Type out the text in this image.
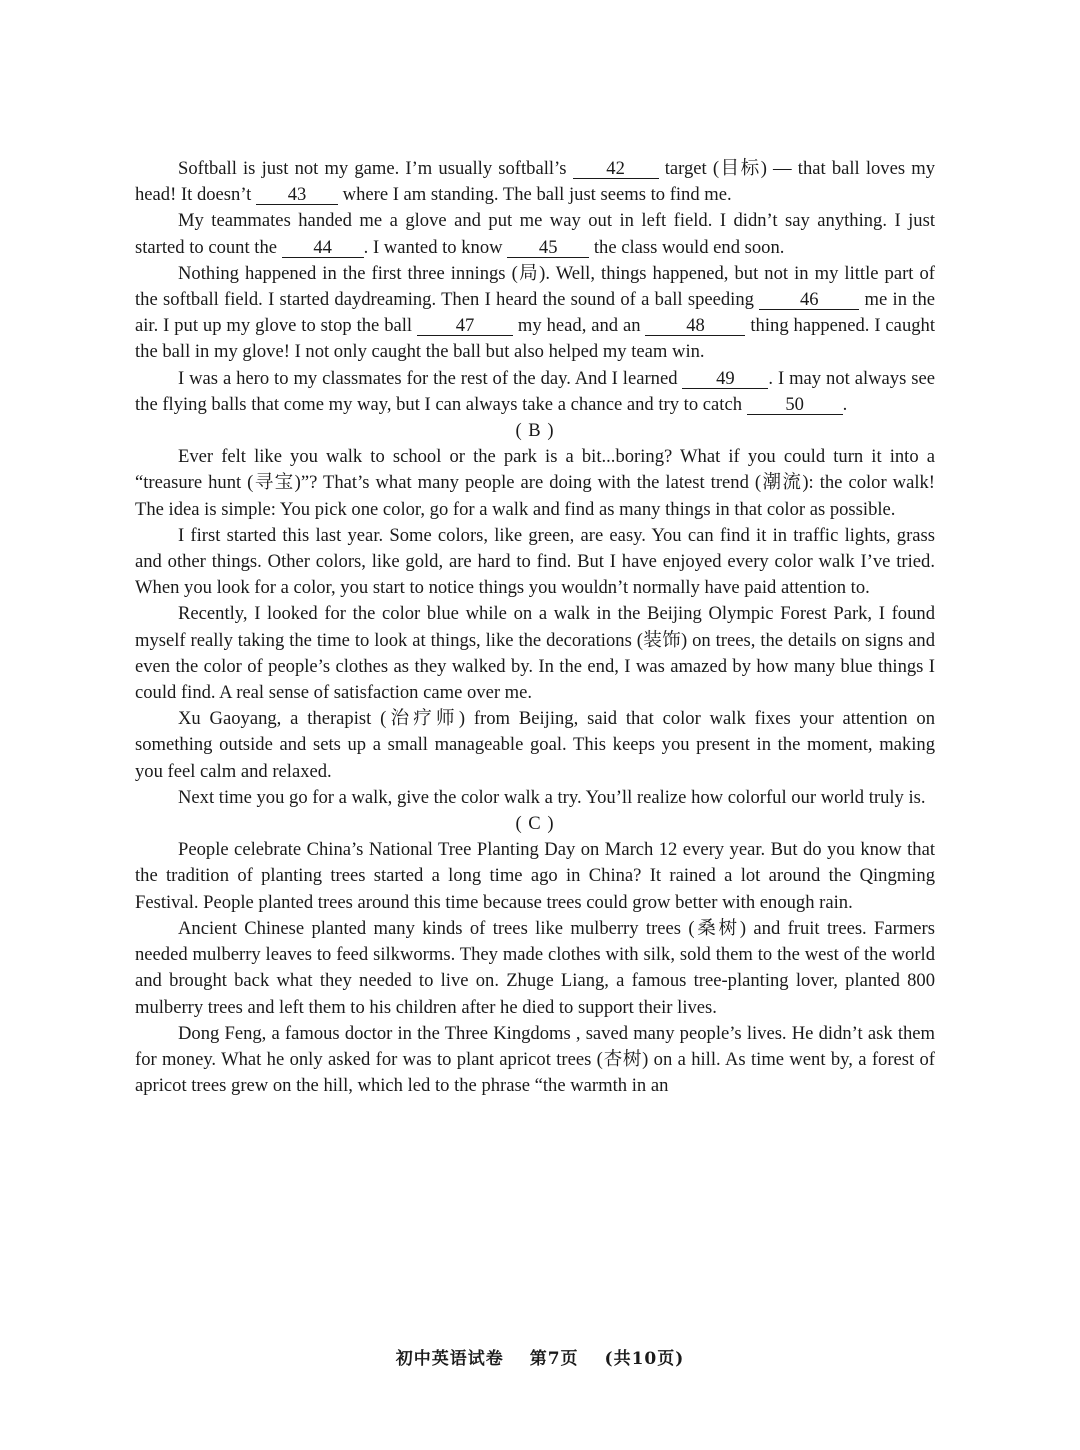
Softball is just not my game. I’m usually softball’s 42 target (目标) — that ball loves my head! It doesn’t 43 where I am standing. The ball just seems to find me.

My teammates handed me a glove and put me way out in left field. I didn’t say anything. I just started to count the 44 . I wanted to know 45 the class would end soon.

Nothing happened in the first three innings (局). Well, things happened, but not in my little part of the softball field. I started daydreaming. Then I heard the sound of a ball speeding 46 me in the air. I put up my glove to stop the ball 47 my head, and an 48 thing happened. I caught the ball in my glove! I not only caught the ball but also helped my team win.

I was a hero to my classmates for the rest of the day. And I learned 49 . I may not always see the flying balls that come my way, but I can always take a chance and try to catch 50 .

( B )

Ever felt like you walk to school or the park is a bit...boring? What if you could turn it into a “treasure hunt (寻宝)”? That’s what many people are doing with the latest trend (潮流): the color walk! The idea is simple: You pick one color, go for a walk and find as many things in that color as possible.

I first started this last year. Some colors, like green, are easy. You can find it in traffic lights, grass and other things. Other colors, like gold, are hard to find. But I have enjoyed every color walk I’ve tried. When you look for a color, you start to notice things you wouldn’t normally have paid attention to.

Recently, I looked for the color blue while on a walk in the Beijing Olympic Forest Park, I found myself really taking the time to look at things, like the decorations (装饰) on trees, the details on signs and even the color of people’s clothes as they walked by. In the end, I was amazed by how many blue things I could find. A real sense of satisfaction came over me.

Xu Gaoyang, a therapist (治疗师) from Beijing, said that color walk fixes your attention on something outside and sets up a small manageable goal. This keeps you present in the moment, making you feel calm and relaxed.

Next time you go for a walk, give the color walk a try. You’ll realize how colorful our world truly is.

( C )

People celebrate China’s National Tree Planting Day on March 12 every year. But do you know that the tradition of planting trees started a long time ago in China? It rained a lot around the Qingming Festival. People planted trees around this time because trees could grow better with enough rain.

Ancient Chinese planted many kinds of trees like mulberry trees (桑树) and fruit trees. Farmers needed mulberry leaves to feed silkworms. They made clothes with silk, sold them to the west of the world and brought back what they needed to live on. Zhuge Liang, a famous tree-planting lover, planted 800 mulberry trees and left them to his children after he died to support their lives.

Dong Feng, a famous doctor in the Three Kingdoms , saved many people’s lives. He didn’t ask them for money. What he only asked for was to plant apricot trees (杏树) on a hill. As time went by, a forest of apricot trees grew on the hill, which led to the phrase “the warmth in an

初中英语试卷 第7页 (共10页)
